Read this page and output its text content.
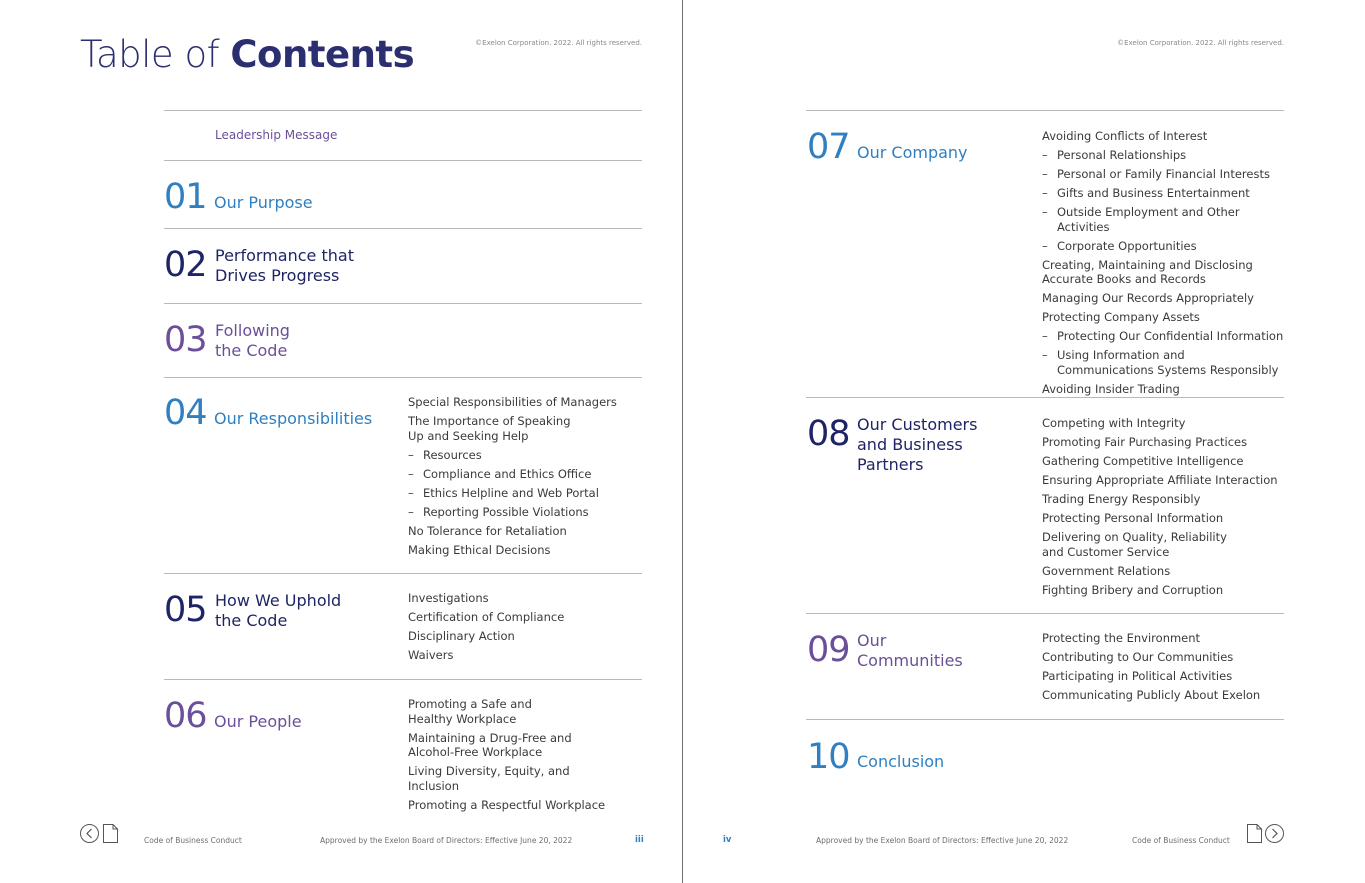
Table of Contents	©Exelon Corporation. 2022. All rights reserved.
Leadership Message
01 Our Purpose
02 Performance that Drives Progress
03 Following the Code
04 Our Responsibilities
Special Responsibilities of Managers
The Importance of Speaking Up and Seeking Help
– Resources
– Compliance and Ethics Office
– Ethics Helpline and Web Portal
– Reporting Possible Violations
No Tolerance for Retaliation
Making Ethical Decisions
05 How We Uphold the Code
Investigations
Certification of Compliance
Disciplinary Action
Waivers
06 Our People
Promoting a Safe and Healthy Workplace
Maintaining a Drug-Free and Alcohol-Free Workplace
Living Diversity, Equity, and Inclusion
Promoting a Respectful Workplace
Code of Business Conduct	Approved by the Exelon Board of Directors: Effective June 20, 2022	iii
©Exelon Corporation. 2022. All rights reserved.
07 Our Company
Avoiding Conflicts of Interest
– Personal Relationships
– Personal or Family Financial Interests
– Gifts and Business Entertainment
– Outside Employment and Other Activities
– Corporate Opportunities
Creating, Maintaining and Disclosing Accurate Books and Records
Managing Our Records Appropriately
Protecting Company Assets
– Protecting Our Confidential Information
– Using Information and Communications Systems Responsibly
Avoiding Insider Trading
08 Our Customers and Business Partners
Competing with Integrity
Promoting Fair Purchasing Practices
Gathering Competitive Intelligence
Ensuring Appropriate Affiliate Interaction
Trading Energy Responsibly
Protecting Personal Information
Delivering on Quality, Reliability and Customer Service
Government Relations
Fighting Bribery and Corruption
09 Our Communities
Protecting the Environment
Contributing to Our Communities
Participating in Political Activities
Communicating Publicly About Exelon
10 Conclusion
iv	Approved by the Exelon Board of Directors: Effective June 20, 2022	Code of Business Conduct
